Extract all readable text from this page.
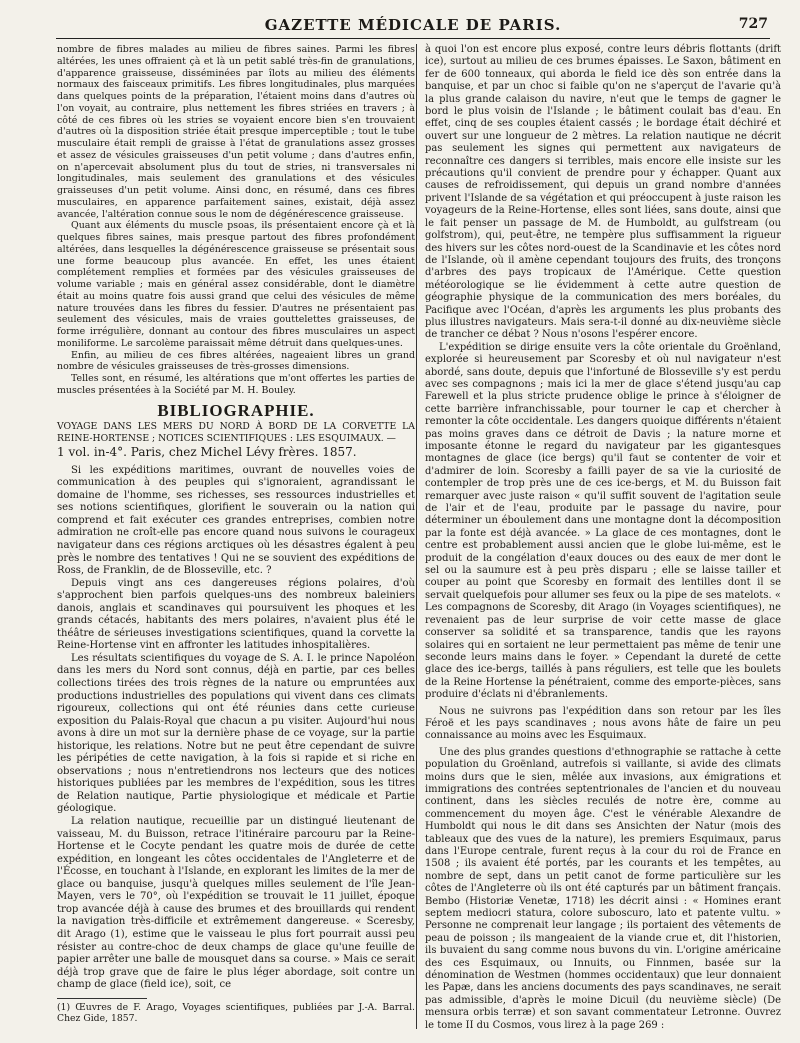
GAZETTE MÉDICALE DE PARIS.	727

nombre de fibres malades au milieu de fibres saines. Parmi les fibres altérées, les unes offraient çà et là un petit sablé très-fin de granulations, d'apparence graisseuse, disséminées par îlots au milieu des éléments normaux des faisceaux primitifs. Les fibres longitudinales, plus marquées dans quelques points de la préparation, l'étaient moins dans d'autres où l'on voyait, au contraire, plus nettement les fibres striées en travers ; à côté de ces fibres où les stries se voyaient encore bien s'en trouvaient d'autres où la disposition striée était presque imperceptible ; tout le tube musculaire était rempli de graisse à l'état de granulations assez grosses et assez de vésicules graisseuses d'un petit volume ; dans d'autres enfin, on n'apercevait absolument plus du tout de stries, ni transversales ni longitudinales, mais seulement des granulations et des vésicules graisseuses d'un petit volume. Ainsi donc, en résumé, dans ces fibres musculaires, en apparence parfaitement saines, existait, déjà assez avancée, l'altération connue sous le nom de dégénérescence graisseuse.

Quant aux éléments du muscle psoas, ils présentaient encore çà et là quelques fibres saines, mais presque partout des fibres profondément altérées, dans lesquelles la dégénérescence graisseuse se présentait sous une forme beaucoup plus avancée. En effet, les unes étaient complétement remplies et formées par des vésicules graisseuses de volume variable ; mais en général assez considérable, dont le diamètre était au moins quatre fois aussi grand que celui des vésicules de même nature trouvées dans les fibres du fessier. D'autres ne présentaient pas seulement des vésicules, mais de vraies gouttelettes graisseuses, de forme irrégulière, donnant au contour des fibres musculaires un aspect moniliforme. Le sarcolème paraissait même détruit dans quelques-unes.

Enfin, au milieu de ces fibres altérées, nageaient libres un grand nombre de vésicules graisseuses de très-grosses dimensions.

Telles sont, en résumé, les altérations que m'ont offertes les parties de muscles présentées à la Société par M. H. Bouley.

BIBLIOGRAPHIE.

VOYAGE DANS LES MERS DU NORD À BORD DE LA CORVETTE LA REINE-HORTENSE ; NOTICES SCIENTIFIQUES : LES ESQUIMAUX. —

1 vol. in-4°. Paris, chez Michel Lévy frères. 1857.

Si les expéditions maritimes, ouvrant de nouvelles voies de communication à des peuples qui s'ignoraient, agrandissant le domaine de l'homme, ses richesses, ses ressources industrielles et ses notions scientifiques, glorifient le souverain ou la nation qui comprend et fait exécuter ces grandes entreprises, combien notre admiration ne croît-elle pas encore quand nous suivons le courageux navigateur dans ces régions arctiques où les désastres égalent à peu près le nombre des tentatives ! Qui ne se souvient des expéditions de Ross, de Franklin, de de Blosseville, etc. ?

Depuis vingt ans ces dangereuses régions polaires, d'où s'approchent bien parfois quelques-uns des nombreux baleiniers danois, anglais et scandinaves qui poursuivent les phoques et les grands cétacés, habitants des mers polaires, n'avaient plus été le théâtre de sérieuses investigations scientifiques, quand la corvette la Reine-Hortense vint en affronter les latitudes inhospitalières.

Les résultats scientifiques du voyage de S. A. I. le prince Napoléon dans les mers du Nord sont connus, déjà en partie, par ces belles collections tirées des trois règnes de la nature ou empruntées aux productions industrielles des populations qui vivent dans ces climats rigoureux, collections qui ont été réunies dans cette curieuse exposition du Palais-Royal que chacun a pu visiter. Aujourd'hui nous avons à dire un mot sur la dernière phase de ce voyage, sur la partie historique, les relations. Notre but ne peut être cependant de suivre les péripéties de cette navigation, à la fois si rapide et si riche en observations ; nous n'entretiendrons nos lecteurs que des notices historiques publiées par les membres de l'expédition, sous les titres de Relation nautique, Partie physiologique et médicale et Partie géologique.

La relation nautique, recueillie par un distingué lieutenant de vaisseau, M. du Buisson, retrace l'itinéraire parcouru par la Reine-Hortense et le Cocyte pendant les quatre mois de durée de cette expédition, en longeant les côtes occidentales de l'Angleterre et de l'Écosse, en touchant à l'Islande, en explorant les limites de la mer de glace ou banquise, jusqu'à quelques milles seulement de l'île Jean-Mayen, vers le 70°, où l'expédition se trouvait le 11 juillet, époque trop avancée déjà à cause des brumes et des brouillards qui rendent la navigation très-difficile et extrêmement dangereuse. « Sceresby, dit Arago (1), estime que le vaisseau le plus fort pourrait aussi peu résister au contre-choc de deux champs de glace qu'une feuille de papier arrêter une balle de mousquet dans sa course. » Mais ce serait déjà trop grave que de faire le plus léger abordage, soit contre un champ de glace (field ice), soit, ce

(1) Œuvres de F. Arago, Voyages scientifiques, publiées par J.-A. Barral. Chez Gide, 1857.

à quoi l'on est encore plus exposé, contre leurs débris flottants (drift ice), surtout au milieu de ces brumes épaisses. Le Saxon, bâtiment en fer de 600 tonneaux, qui aborda le field ice dès son entrée dans la banquise, et par un choc si faible qu'on ne s'aperçut de l'avarie qu'à la plus grande calaison du navire, n'eut que le temps de gagner le bord le plus voisin de l'Islande ; le bâtiment coulait bas d'eau. En effet, cinq de ses couples étaient cassés ; le bordage était déchiré et ouvert sur une longueur de 2 mètres. La relation nautique ne décrit pas seulement les signes qui permettent aux navigateurs de reconnaître ces dangers si terribles, mais encore elle insiste sur les précautions qu'il convient de prendre pour y échapper. Quant aux causes de refroidissement, qui depuis un grand nombre d'années privent l'Islande de sa végétation et qui préoccupent à juste raison les voyageurs de la Reine-Hortense, elles sont liées, sans doute, ainsi que le fait penser un passage de M. de Humboldt, au gulfstream (ou golfstrom), qui, peut-être, ne tempère plus suffisamment la rigueur des hivers sur les côtes nord-ouest de la Scandinavie et les côtes nord de l'Islande, où il amène cependant toujours des fruits, des tronçons d'arbres des pays tropicaux de l'Amérique. Cette question météorologique se lie évidemment à cette autre question de géographie physique de la communication des mers boréales, du Pacifique avec l'Océan, d'après les arguments les plus probants des plus illustres navigateurs. Mais sera-t-il donné au dix-neuvième siècle de trancher ce débat ? Nous n'osons l'espérer encore.

L'expédition se dirige ensuite vers la côte orientale du Groënland, explorée si heureusement par Scoresby et où nul navigateur n'est abordé, sans doute, depuis que l'infortuné de Blosseville s'y est perdu avec ses compagnons ; mais ici la mer de glace s'étend jusqu'au cap Farewell et la plus stricte prudence oblige le prince à s'éloigner de cette barrière infranchissable, pour tourner le cap et chercher à remonter la côte occidentale. Les dangers quoique différents n'étaient pas moins graves dans ce détroit de Davis ; la nature morne et imposante étonne le regard du navigateur par les gigantesques montagnes de glace (ice bergs) qu'il faut se contenter de voir et d'admirer de loin. Scoresby a failli payer de sa vie la curiosité de contempler de trop près une de ces ice-bergs, et M. du Buisson fait remarquer avec juste raison « qu'il suffit souvent de l'agitation seule de l'air et de l'eau, produite par le passage du navire, pour déterminer un éboulement dans une montagne dont la décomposition par la fonte est déjà avancée. » La glace de ces montagnes, dont le centre est probablement aussi ancien que le globe lui-même, est le produit de la congélation d'eaux douces ou des eaux de mer dont le sel ou la saumure est à peu près disparu ; elle se laisse tailler et couper au point que Scoresby en formait des lentilles dont il se servait quelquefois pour allumer ses feux ou la pipe de ses matelots. « Les compagnons de Scoresby, dit Arago (in Voyages scientifiques), ne revenaient pas de leur surprise de voir cette masse de glace conserver sa solidité et sa transparence, tandis que les rayons solaires qui en sortaient ne leur permettaient pas même de tenir une seconde leurs mains dans le foyer. » Cependant la dureté de cette glace des ice-bergs, taillés à pans réguliers, est telle que les boulets de la Reine Hortense la pénétraient, comme des emporte-pièces, sans produire d'éclats ni d'ébranlements.

Nous ne suivrons pas l'expédition dans son retour par les îles Féroë et les pays scandinaves ; nous avons hâte de faire un peu connaissance au moins avec les Esquimaux.

Une des plus grandes questions d'ethnographie se rattache à cette population du Groënland, autrefois si vaillante, si avide des climats moins durs que le sien, mêlée aux invasions, aux émigrations et immigrations des contrées septentrionales de l'ancien et du nouveau continent, dans les siècles reculés de notre ère, comme au commencement du moyen âge. C'est le vénérable Alexandre de Humboldt qui nous le dit dans ses Ansichten der Natur (mois des tableaux que des vues de la nature), les premiers Esquimaux, parus dans l'Europe centrale, furent reçus à la cour du roi de France en 1508 ; ils avaient été portés, par les courants et les tempêtes, au nombre de sept, dans un petit canot de forme particulière sur les côtes de l'Angleterre où ils ont été capturés par un bâtiment français. Bembo (Historiæ Venetæ, 1718) les décrit ainsi : « Homines erant septem mediocri statura, colore suboscuro, lato et patente vultu. » Personne ne comprenait leur langage ; ils portaient des vêtements de peau de poisson ; ils mangeaient de la viande crue et, dit l'historien, ils buvaient du sang comme nous buvons du vin. L'origine américaine des ces Esquimaux, ou Innuits, ou Finnmen, basée sur la dénomination de Westmen (hommes occidentaux) que leur donnaient les Papæ, dans les anciens documents des pays scandinaves, ne serait pas admissible, d'après le moine Dicuil (du neuvième siècle) (De mensura orbis terræ) et son savant commentateur Letronne. Ouvrez le tome II du Cosmos, vous lirez à la page 269 :
